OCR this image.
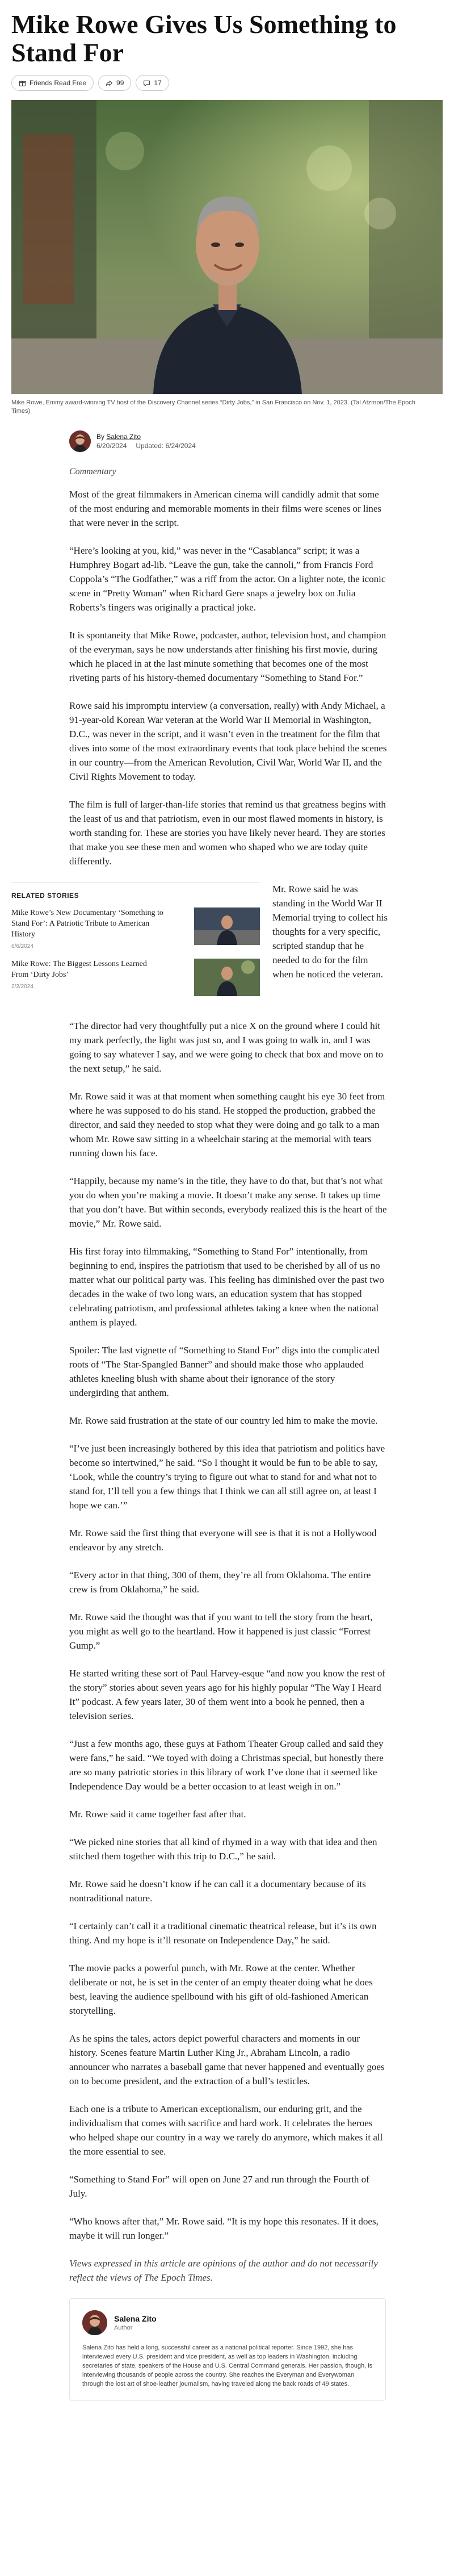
Mike Rowe Gives Us Something to Stand For
Friends Read Free	99	17
Mike Rowe, Emmy award-winning TV host of the Discovery Channel series “Dirty Jobs,” in San Francisco on Nov. 1, 2023. (Tal Atzmon/The Epoch Times)
By Salena Zito
6/20/2024 Updated: 6/24/2024
Commentary

Most of the great filmmakers in American cinema will candidly admit that some of the most enduring and memorable moments in their films were scenes or lines that were never in the script.

“Here’s looking at you, kid,” was never in the “Casablanca” script; it was a Humphrey Bogart ad-lib. “Leave the gun, take the cannoli,” from Francis Ford Coppola’s “The Godfather,” was a riff from the actor. On a lighter note, the iconic scene in “Pretty Woman” when Richard Gere snaps a jewelry box on Julia Roberts’s fingers was originally a practical joke.

It is spontaneity that Mike Rowe, podcaster, author, television host, and champion of the everyman, says he now understands after finishing his first movie, during which he placed in at the last minute something that becomes one of the most riveting parts of his history-themed documentary “Something to Stand For.”

Rowe said his impromptu interview (a conversation, really) with Andy Michael, a 91-year-old Korean War veteran at the World War II Memorial in Washington, D.C., was never in the script, and it wasn’t even in the treatment for the film that dives into some of the most extraordinary events that took place behind the scenes in our country—from the American Revolution, Civil War, World War II, and the Civil Rights Movement to today.

The film is full of larger-than-life stories that remind us that greatness begins with the least of us and that patriotism, even in our most flawed moments in history, is worth standing for. These are stories you have likely never heard. They are stories that make you see these men and women who shaped who we are today quite differently.

RELATED STORIES
Mike Rowe’s New Documentary ‘Something to Stand For’: A Patriotic Tribute to American History
6/6/2024
Mike Rowe: The Biggest Lessons Learned From ‘Dirty Jobs’
2/2/2024
Mr. Rowe said he was standing in the World War II Memorial trying to collect his thoughts for a very specific, scripted standup that he needed to do for the film when he noticed the veteran.

“The director had very thoughtfully put a nice X on the ground where I could hit my mark perfectly, the light was just so, and I was going to walk in, and I was going to say whatever I say, and we were going to check that box and move on to the next setup,” he said.

Mr. Rowe said it was at that moment when something caught his eye 30 feet from where he was supposed to do his stand. He stopped the production, grabbed the director, and said they needed to stop what they were doing and go talk to a man whom Mr. Rowe saw sitting in a wheelchair staring at the memorial with tears running down his face.

“Happily, because my name’s in the title, they have to do that, but that’s not what you do when you’re making a movie. It doesn’t make any sense. It takes up time that you don’t have. But within seconds, everybody realized this is the heart of the movie,” Mr. Rowe said.

His first foray into filmmaking, “Something to Stand For” intentionally, from beginning to end, inspires the patriotism that used to be cherished by all of us no matter what our political party was. This feeling has diminished over the past two decades in the wake of two long wars, an education system that has stopped celebrating patriotism, and professional athletes taking a knee when the national anthem is played.

Spoiler: The last vignette of “Something to Stand For” digs into the complicated roots of “The Star-Spangled Banner” and should make those who applauded athletes kneeling blush with shame about their ignorance of the story undergirding that anthem.

Mr. Rowe said frustration at the state of our country led him to make the movie.

“I’ve just been increasingly bothered by this idea that patriotism and politics have become so intertwined,” he said. “So I thought it would be fun to be able to say, ‘Look, while the country’s trying to figure out what to stand for and what not to stand for, I’ll tell you a few things that I think we can all still agree on, at least I hope we can.’”

Mr. Rowe said the first thing that everyone will see is that it is not a Hollywood endeavor by any stretch.

“Every actor in that thing, 300 of them, they’re all from Oklahoma. The entire crew is from Oklahoma,” he said.

Mr. Rowe said the thought was that if you want to tell the story from the heart, you might as well go to the heartland. How it happened is just classic “Forrest Gump.”

He started writing these sort of Paul Harvey-esque “and now you know the rest of the story” stories about seven years ago for his highly popular “The Way I Heard It” podcast. A few years later, 30 of them went into a book he penned, then a television series.

“Just a few months ago, these guys at Fathom Theater Group called and said they were fans,” he said. “We toyed with doing a Christmas special, but honestly there are so many patriotic stories in this library of work I’ve done that it seemed like Independence Day would be a better occasion to at least weigh in on.”

Mr. Rowe said it came together fast after that.

“We picked nine stories that all kind of rhymed in a way with that idea and then stitched them together with this trip to D.C.,” he said.

Mr. Rowe said he doesn’t know if he can call it a documentary because of its nontraditional nature.

“I certainly can’t call it a traditional cinematic theatrical release, but it’s its own thing. And my hope is it’ll resonate on Independence Day,” he said.

The movie packs a powerful punch, with Mr. Rowe at the center. Whether deliberate or not, he is set in the center of an empty theater doing what he does best, leaving the audience spellbound with his gift of old-fashioned American storytelling.

As he spins the tales, actors depict powerful characters and moments in our history. Scenes feature Martin Luther King Jr., Abraham Lincoln, a radio announcer who narrates a baseball game that never happened and eventually goes on to become president, and the extraction of a bull’s testicles.

Each one is a tribute to American exceptionalism, our enduring grit, and the individualism that comes with sacrifice and hard work. It celebrates the heroes who helped shape our country in a way we rarely do anymore, which makes it all the more essential to see.

“Something to Stand For” will open on June 27 and run through the Fourth of July.

“Who knows after that,” Mr. Rowe said. “It is my hope this resonates. If it does, maybe it will run longer.”

Views expressed in this article are opinions of the author and do not necessarily reflect the views of The Epoch Times.

Salena Zito
Author
Salena Zito has held a long, successful career as a national political reporter. Since 1992, she has interviewed every U.S. president and vice president, as well as top leaders in Washington, including secretaries of state, speakers of the House and U.S. Central Command generals. Her passion, though, is interviewing thousands of people across the country. She reaches the Everyman and Everywoman through the lost art of shoe-leather journalism, having traveled along the back roads of 49 states.
